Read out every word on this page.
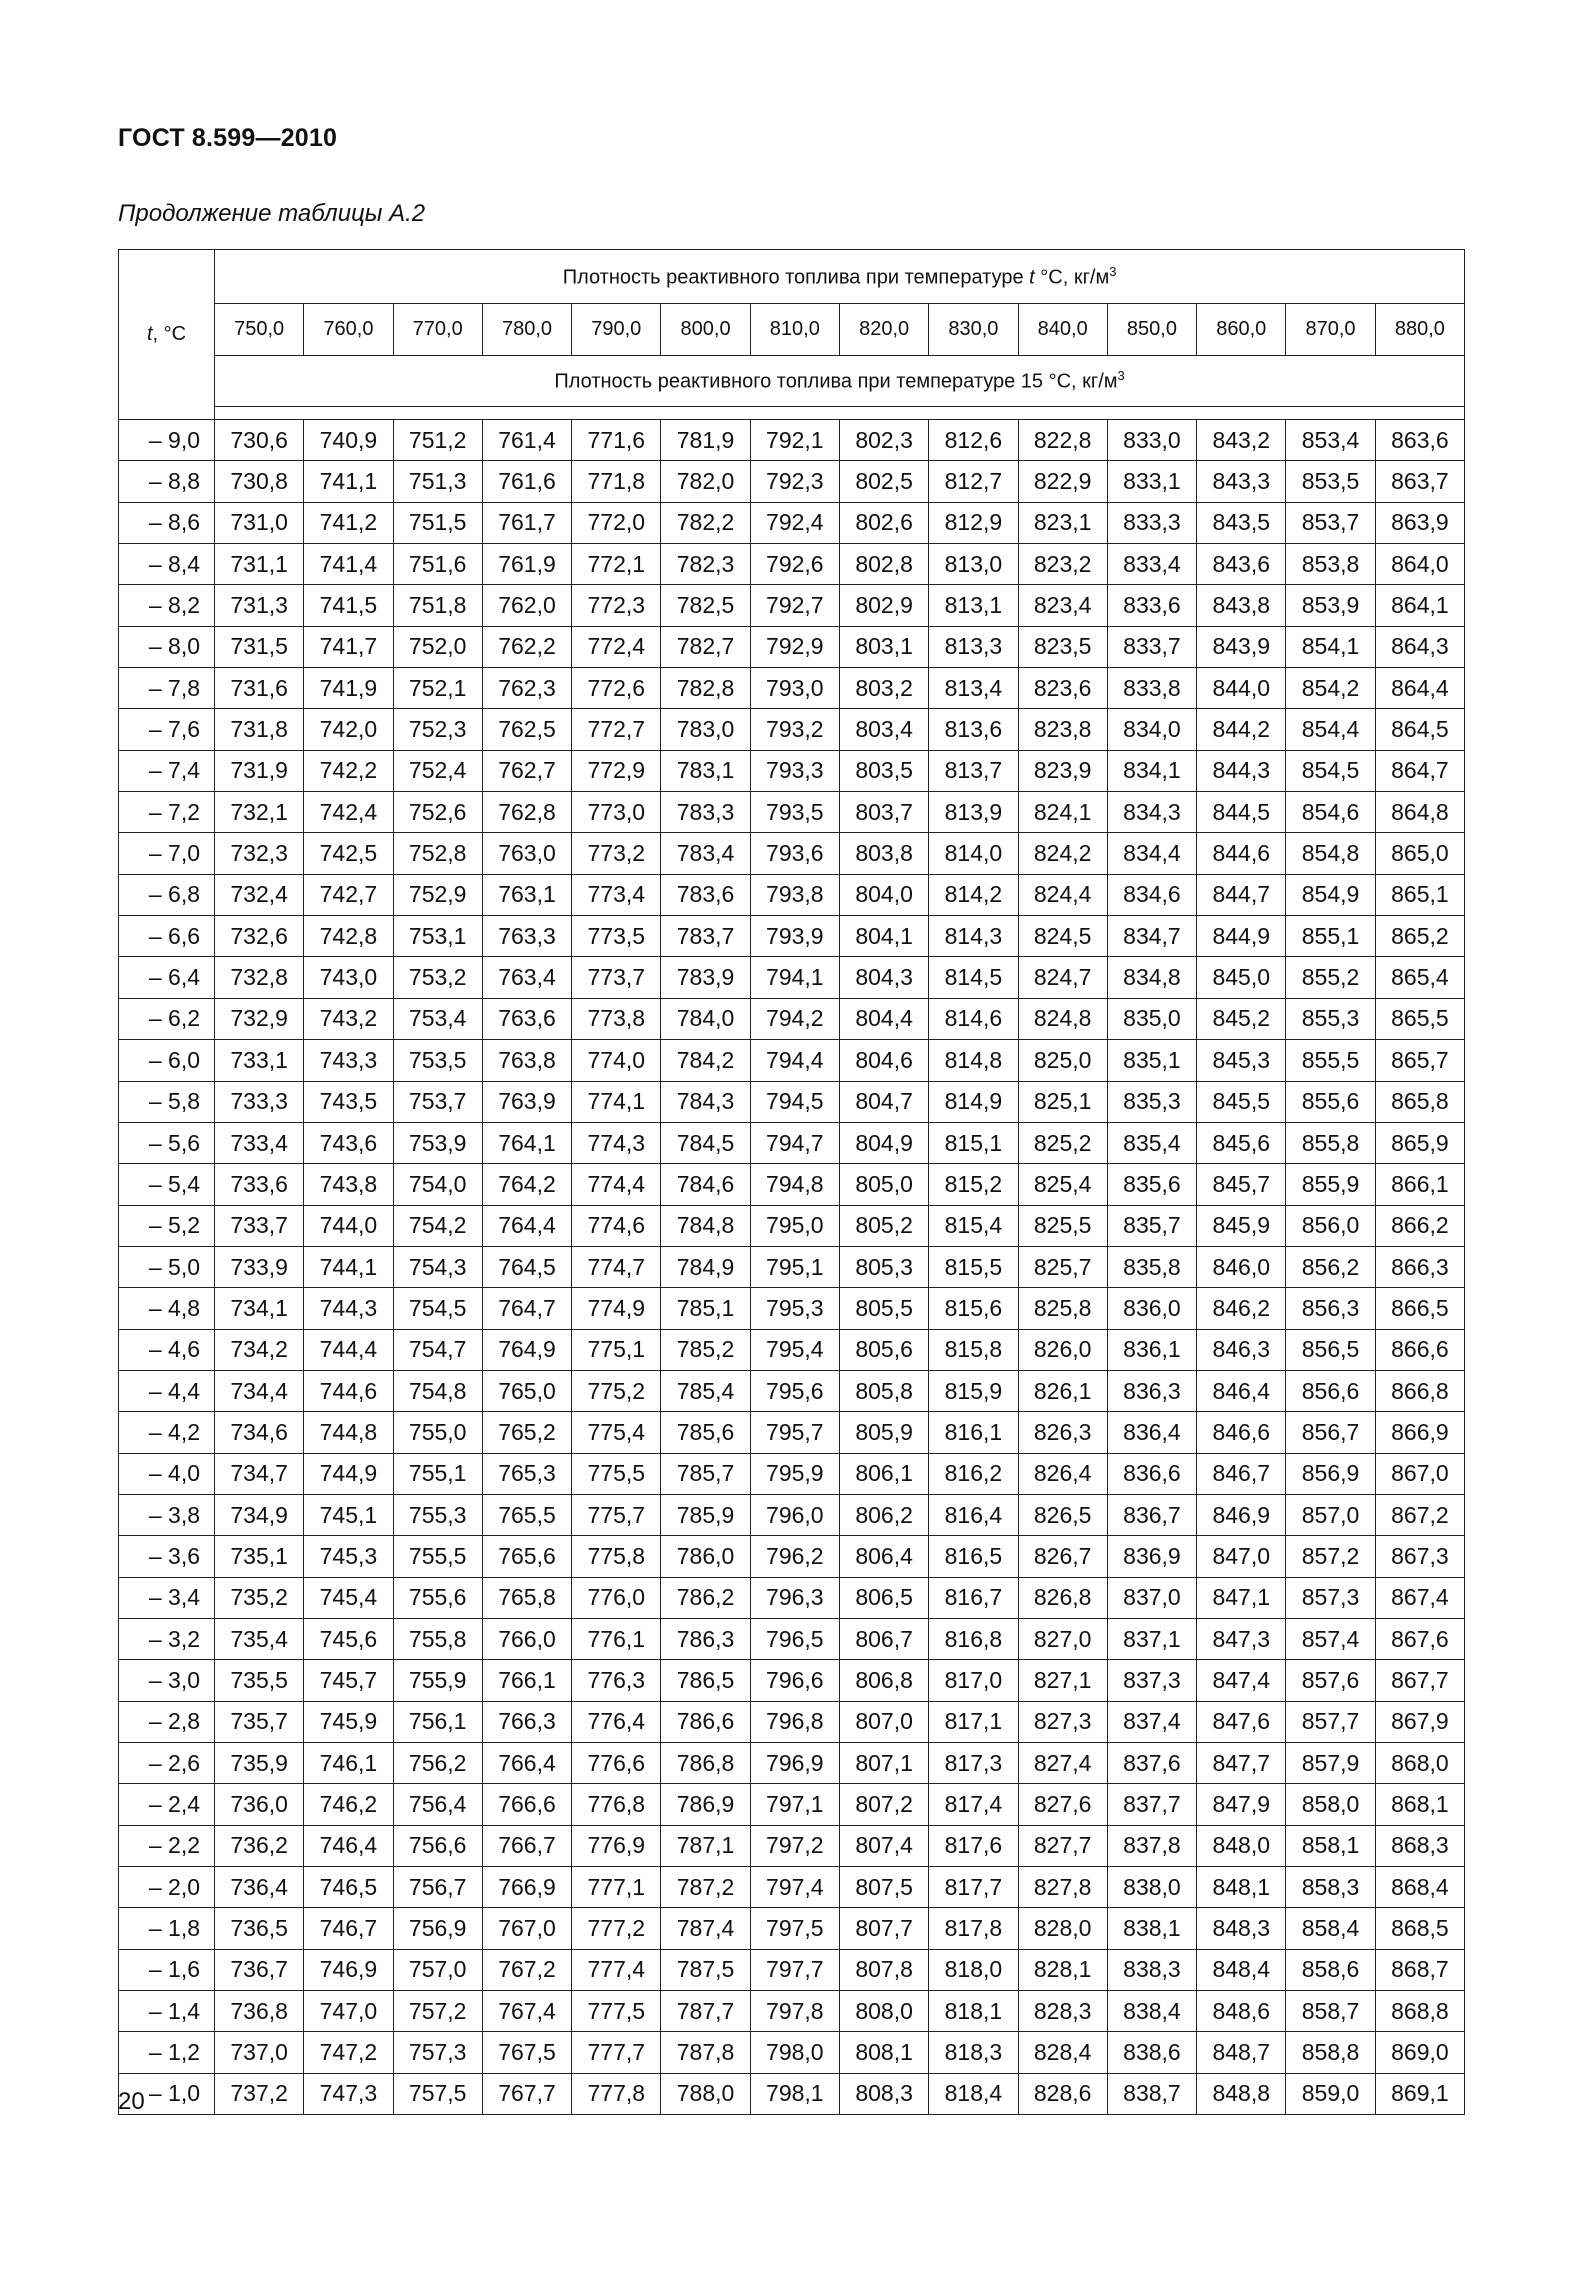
ГОСТ 8.599—2010
Продолжение таблицы А.2
t, °C	Плотность реактивного топлива при температуре t °С, $кг/м^3$
	750,0	760,0	770,0	780,0	790,0	800,0	810,0	820,0	830,0	840,0	850,0	860,0	870,0	880,0
	Плотность реактивного топлива при температуре 15 °С, $кг/м^3$

– 9,0	730,6	740,9	751,2	761,4	771,6	781,9	792,1	802,3	812,6	822,8	833,0	843,2	853,4	863,6
– 8,8	730,8	741,1	751,3	761,6	771,8	782,0	792,3	802,5	812,7	822,9	833,1	843,3	853,5	863,7
– 8,6	731,0	741,2	751,5	761,7	772,0	782,2	792,4	802,6	812,9	823,1	833,3	843,5	853,7	863,9
– 8,4	731,1	741,4	751,6	761,9	772,1	782,3	792,6	802,8	813,0	823,2	833,4	843,6	853,8	864,0
– 8,2	731,3	741,5	751,8	762,0	772,3	782,5	792,7	802,9	813,1	823,4	833,6	843,8	853,9	864,1
– 8,0	731,5	741,7	752,0	762,2	772,4	782,7	792,9	803,1	813,3	823,5	833,7	843,9	854,1	864,3
– 7,8	731,6	741,9	752,1	762,3	772,6	782,8	793,0	803,2	813,4	823,6	833,8	844,0	854,2	864,4
– 7,6	731,8	742,0	752,3	762,5	772,7	783,0	793,2	803,4	813,6	823,8	834,0	844,2	854,4	864,5
– 7,4	731,9	742,2	752,4	762,7	772,9	783,1	793,3	803,5	813,7	823,9	834,1	844,3	854,5	864,7
– 7,2	732,1	742,4	752,6	762,8	773,0	783,3	793,5	803,7	813,9	824,1	834,3	844,5	854,6	864,8
– 7,0	732,3	742,5	752,8	763,0	773,2	783,4	793,6	803,8	814,0	824,2	834,4	844,6	854,8	865,0
– 6,8	732,4	742,7	752,9	763,1	773,4	783,6	793,8	804,0	814,2	824,4	834,6	844,7	854,9	865,1
– 6,6	732,6	742,8	753,1	763,3	773,5	783,7	793,9	804,1	814,3	824,5	834,7	844,9	855,1	865,2
– 6,4	732,8	743,0	753,2	763,4	773,7	783,9	794,1	804,3	814,5	824,7	834,8	845,0	855,2	865,4
– 6,2	732,9	743,2	753,4	763,6	773,8	784,0	794,2	804,4	814,6	824,8	835,0	845,2	855,3	865,5
– 6,0	733,1	743,3	753,5	763,8	774,0	784,2	794,4	804,6	814,8	825,0	835,1	845,3	855,5	865,7
– 5,8	733,3	743,5	753,7	763,9	774,1	784,3	794,5	804,7	814,9	825,1	835,3	845,5	855,6	865,8
– 5,6	733,4	743,6	753,9	764,1	774,3	784,5	794,7	804,9	815,1	825,2	835,4	845,6	855,8	865,9
– 5,4	733,6	743,8	754,0	764,2	774,4	784,6	794,8	805,0	815,2	825,4	835,6	845,7	855,9	866,1
– 5,2	733,7	744,0	754,2	764,4	774,6	784,8	795,0	805,2	815,4	825,5	835,7	845,9	856,0	866,2
– 5,0	733,9	744,1	754,3	764,5	774,7	784,9	795,1	805,3	815,5	825,7	835,8	846,0	856,2	866,3
– 4,8	734,1	744,3	754,5	764,7	774,9	785,1	795,3	805,5	815,6	825,8	836,0	846,2	856,3	866,5
– 4,6	734,2	744,4	754,7	764,9	775,1	785,2	795,4	805,6	815,8	826,0	836,1	846,3	856,5	866,6
– 4,4	734,4	744,6	754,8	765,0	775,2	785,4	795,6	805,8	815,9	826,1	836,3	846,4	856,6	866,8
– 4,2	734,6	744,8	755,0	765,2	775,4	785,6	795,7	805,9	816,1	826,3	836,4	846,6	856,7	866,9
– 4,0	734,7	744,9	755,1	765,3	775,5	785,7	795,9	806,1	816,2	826,4	836,6	846,7	856,9	867,0
– 3,8	734,9	745,1	755,3	765,5	775,7	785,9	796,0	806,2	816,4	826,5	836,7	846,9	857,0	867,2
– 3,6	735,1	745,3	755,5	765,6	775,8	786,0	796,2	806,4	816,5	826,7	836,9	847,0	857,2	867,3
– 3,4	735,2	745,4	755,6	765,8	776,0	786,2	796,3	806,5	816,7	826,8	837,0	847,1	857,3	867,4
– 3,2	735,4	745,6	755,8	766,0	776,1	786,3	796,5	806,7	816,8	827,0	837,1	847,3	857,4	867,6
– 3,0	735,5	745,7	755,9	766,1	776,3	786,5	796,6	806,8	817,0	827,1	837,3	847,4	857,6	867,7
– 2,8	735,7	745,9	756,1	766,3	776,4	786,6	796,8	807,0	817,1	827,3	837,4	847,6	857,7	867,9
– 2,6	735,9	746,1	756,2	766,4	776,6	786,8	796,9	807,1	817,3	827,4	837,6	847,7	857,9	868,0
– 2,4	736,0	746,2	756,4	766,6	776,8	786,9	797,1	807,2	817,4	827,6	837,7	847,9	858,0	868,1
– 2,2	736,2	746,4	756,6	766,7	776,9	787,1	797,2	807,4	817,6	827,7	837,8	848,0	858,1	868,3
– 2,0	736,4	746,5	756,7	766,9	777,1	787,2	797,4	807,5	817,7	827,8	838,0	848,1	858,3	868,4
– 1,8	736,5	746,7	756,9	767,0	777,2	787,4	797,5	807,7	817,8	828,0	838,1	848,3	858,4	868,5
– 1,6	736,7	746,9	757,0	767,2	777,4	787,5	797,7	807,8	818,0	828,1	838,3	848,4	858,6	868,7
– 1,4	736,8	747,0	757,2	767,4	777,5	787,7	797,8	808,0	818,1	828,3	838,4	848,6	858,7	868,8
– 1,2	737,0	747,2	757,3	767,5	777,7	787,8	798,0	808,1	818,3	828,4	838,6	848,7	858,8	869,0
– 1,0	737,2	747,3	757,5	767,7	777,8	788,0	798,1	808,3	818,4	828,6	838,7	848,8	859,0	869,1
20
